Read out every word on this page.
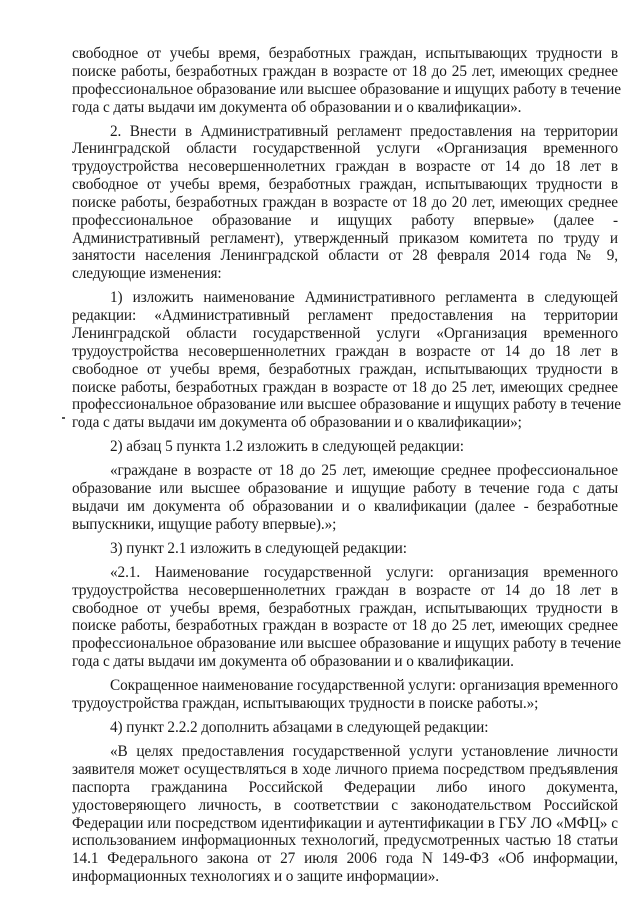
свободное от учебы время, безработных граждан, испытывающих трудности в
поиске работы, безработных граждан в возрасте от 18 до 25 лет, имеющих среднее
профессиональное образование или высшее образование и ищущих работу в течение
года с даты выдачи им документа об образовании и о квалификации».
2. Внести в Административный регламент предоставления на территории
Ленинградской области государственной услуги «Организация временного
трудоустройства несовершеннолетних граждан в возрасте от 14 до 18 лет в
свободное от учебы время, безработных граждан, испытывающих трудности в
поиске работы, безработных граждан в возрасте от 18 до 20 лет, имеющих среднее
профессиональное образование и ищущих работу впервые» (далее -
Административный регламент), утвержденный приказом комитета по труду и
занятости населения Ленинградской области от 28 февраля 2014 года № 9,
следующие изменения:
1) изложить наименование Административного регламента в следующей
редакции: «Административный регламент предоставления на территории
Ленинградской области государственной услуги «Организация временного
трудоустройства несовершеннолетних граждан в возрасте от 14 до 18 лет в
свободное от учебы время, безработных граждан, испытывающих трудности в
поиске работы, безработных граждан в возрасте от 18 до 25 лет, имеющих среднее
профессиональное образование или высшее образование и ищущих работу в течение
года с даты выдачи им документа об образовании и о квалификации»;
2) абзац 5 пункта 1.2 изложить в следующей редакции:
«граждане в возрасте от 18 до 25 лет, имеющие среднее профессиональное
образование или высшее образование и ищущие работу в течение года с даты
выдачи им документа об образовании и о квалификации (далее - безработные
выпускники, ищущие работу впервые).»;
3) пункт 2.1 изложить в следующей редакции:
«2.1. Наименование государственной услуги: организация временного
трудоустройства несовершеннолетних граждан в возрасте от 14 до 18 лет в
свободное от учебы время, безработных граждан, испытывающих трудности в
поиске работы, безработных граждан в возрасте от 18 до 25 лет, имеющих среднее
профессиональное образование или высшее образование и ищущих работу в течение
года с даты выдачи им документа об образовании и о квалификации.
Сокращенное наименование государственной услуги: организация временного
трудоустройства граждан, испытывающих трудности в поиске работы.»;
4) пункт 2.2.2 дополнить абзацами в следующей редакции:
«В целях предоставления государственной услуги установление личности
заявителя может осуществляться в ходе личного приема посредством предъявления
паспорта гражданина Российской Федерации либо иного документа,
удостоверяющего личность, в соответствии с законодательством Российской
Федерации или посредством идентификации и аутентификации в ГБУ ЛО «МФЦ» с
использованием информационных технологий, предусмотренных частью 18 статьи
14.1 Федерального закона от 27 июля 2006 года N 149-ФЗ «Об информации,
информационных технологиях и о защите информации».
